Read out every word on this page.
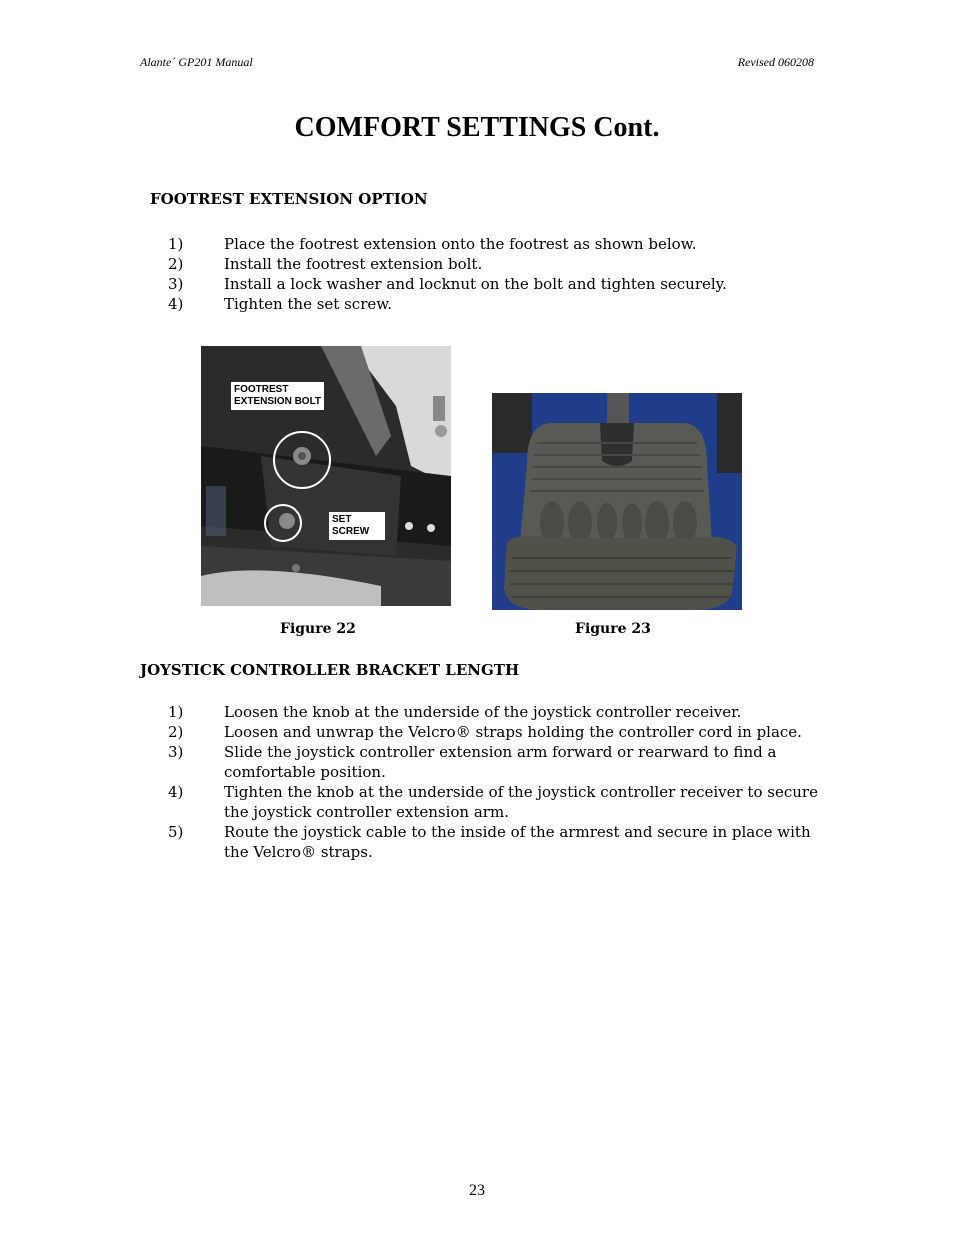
Alante´ GP201 Manual	Revised 060208
COMFORT SETTINGS Cont.
FOOTREST EXTENSION OPTION
1)	Place the footrest extension onto the footrest as shown below.
2)	Install the footrest extension bolt.
3)	Install a lock washer and locknut on the bolt and tighten securely.
4)	Tighten the set screw.
FOOTREST
EXTENSION BOLT
SET
SCREW
Figure 22	Figure 23
JOYSTICK CONTROLLER BRACKET LENGTH
1)	Loosen the knob at the underside of the joystick controller receiver.
2)	Loosen and unwrap the Velcro® straps holding the controller cord in place.
3)	Slide the joystick controller extension arm forward or rearward to find a comfortable position.
4)	Tighten the knob at the underside of the joystick controller receiver to secure the joystick controller extension arm.
5)	Route the joystick cable to the inside of the armrest and secure in place with the Velcro® straps.
23
